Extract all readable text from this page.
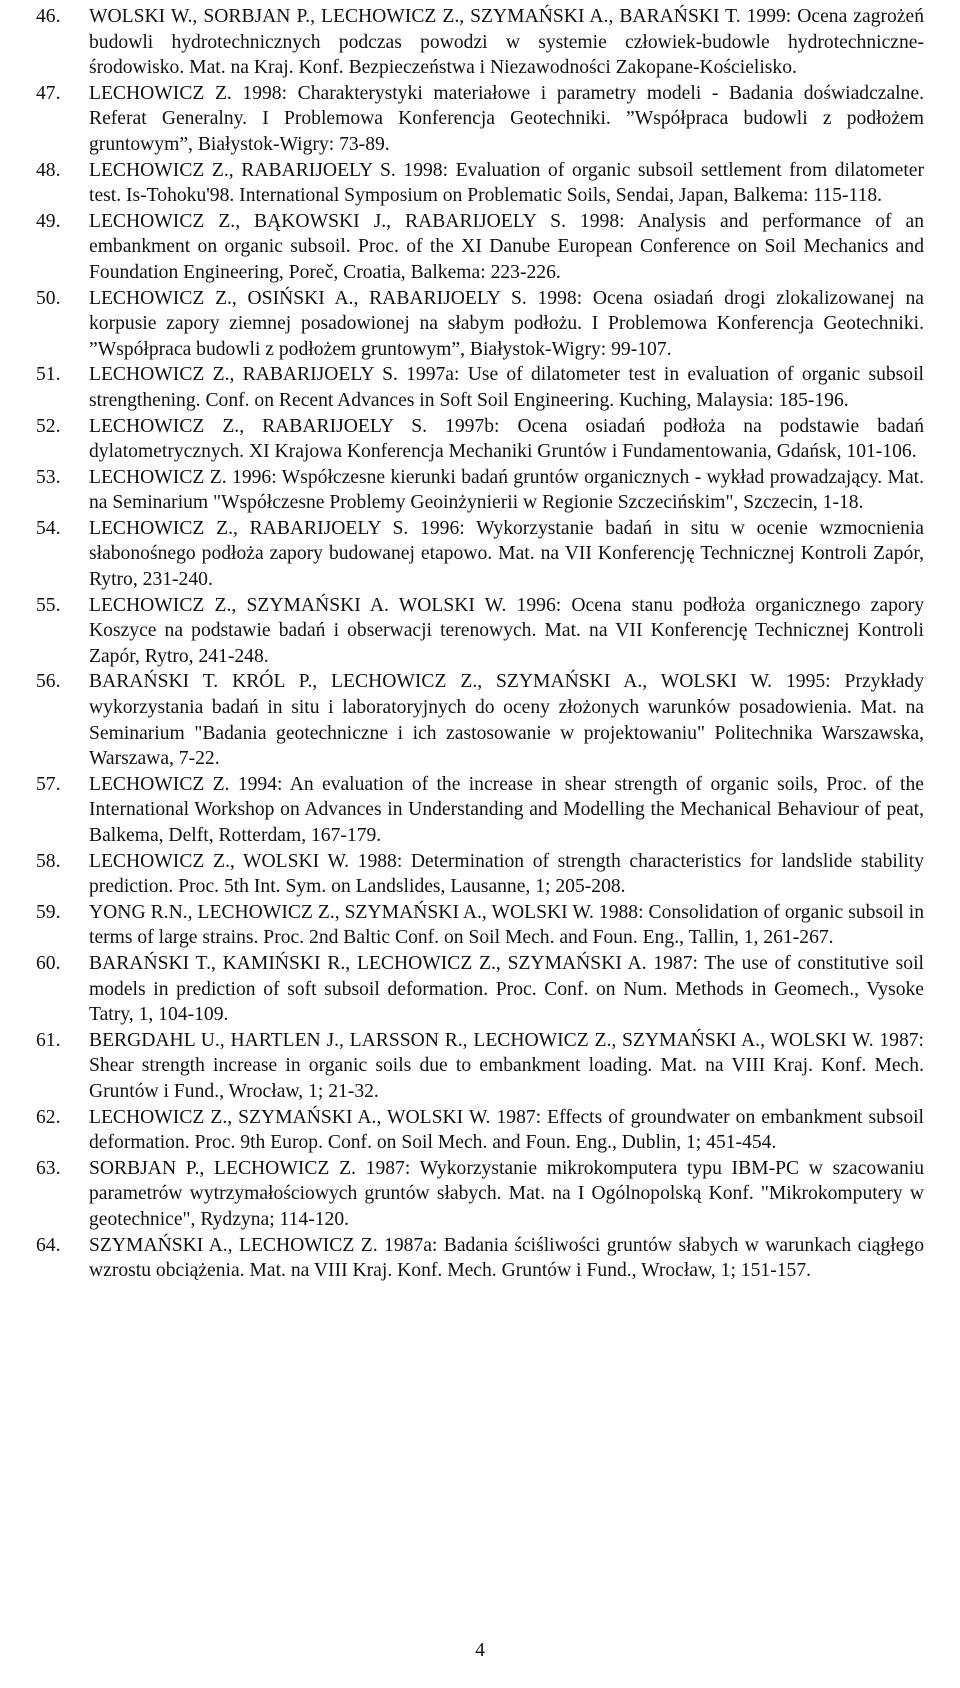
46. WOLSKI W., SORBJAN P., LECHOWICZ Z., SZYMAŃSKI A., BARAŃSKI T. 1999: Ocena zagrożeń budowli hydrotechnicznych podczas powodzi w systemie człowiek-budowle hydrotechniczne-środowisko. Mat. na Kraj. Konf. Bezpieczeństwa i Niezawodności Zakopane-Kościelisko.
47. LECHOWICZ Z. 1998: Charakterystyki materiałowe i parametry modeli - Badania doświadczalne. Referat Generalny. I Problemowa Konferencja Geotechniki. ”Współpraca budowli z podłożem gruntowym”, Białystok-Wigry: 73-89.
48. LECHOWICZ Z., RABARIJOELY S. 1998: Evaluation of organic subsoil settlement from dilatometer test. Is-Tohoku'98. International Symposium on Problematic Soils, Sendai, Japan, Balkema: 115-118.
49. LECHOWICZ Z., BĄKOWSKI J., RABARIJOELY S. 1998: Analysis and performance of an embankment on organic subsoil. Proc. of the XI Danube European Conference on Soil Mechanics and Foundation Engineering, Poreč, Croatia, Balkema: 223-226.
50. LECHOWICZ Z., OSIŃSKI A., RABARIJOELY S. 1998: Ocena osiadań drogi zlokalizowanej na korpusie zapory ziemnej posadowionej na słabym podłożu. I Problemowa Konferencja Geotechniki. ”Współpraca budowli z podłożem gruntowym”, Białystok-Wigry: 99-107.
51. LECHOWICZ Z., RABARIJOELY S. 1997a: Use of dilatometer test in evaluation of organic subsoil strengthening. Conf. on Recent Advances in Soft Soil Engineering. Kuching, Malaysia: 185-196.
52. LECHOWICZ Z., RABARIJOELY S. 1997b: Ocena osiadań podłoża na podstawie badań dylatometrycznych. XI Krajowa Konferencja Mechaniki Gruntów i Fundamentowania, Gdańsk, 101-106.
53. LECHOWICZ Z. 1996: Współczesne kierunki badań gruntów organicznych - wykład prowadzający. Mat. na Seminarium "Współczesne Problemy Geoinżynierii w Regionie Szczecińskim", Szczecin, 1-18.
54. LECHOWICZ Z., RABARIJOELY S. 1996: Wykorzystanie badań in situ w ocenie wzmocnienia słabonośnego podłoża zapory budowanej etapowo. Mat. na VII Konferencję Technicznej Kontroli Zapór, Rytro, 231-240.
55. LECHOWICZ Z., SZYMAŃSKI A. WOLSKI W. 1996: Ocena stanu podłoża organicznego zapory Koszyce na podstawie badań i obserwacji terenowych. Mat. na VII Konferencję Technicznej Kontroli Zapór, Rytro, 241-248.
56. BARAŃSKI T. KRÓL P., LECHOWICZ Z., SZYMAŃSKI A., WOLSKI W. 1995: Przykłady wykorzystania badań in situ i laboratoryjnych do oceny złożonych warunków posadowienia. Mat. na Seminarium "Badania geotechniczne i ich zastosowanie w projektowaniu" Politechnika Warszawska, Warszawa, 7-22.
57. LECHOWICZ Z. 1994: An evaluation of the increase in shear strength of organic soils, Proc. of the International Workshop on Advances in Understanding and Modelling the Mechanical Behaviour of peat, Balkema, Delft, Rotterdam, 167-179.
58. LECHOWICZ Z., WOLSKI W. 1988: Determination of strength characteristics for landslide stability prediction. Proc. 5th Int. Sym. on Landslides, Lausanne, 1; 205-208.
59. YONG R.N., LECHOWICZ Z., SZYMAŃSKI A., WOLSKI W. 1988: Consolidation of organic subsoil in terms of large strains. Proc. 2nd Baltic Conf. on Soil Mech. and Foun. Eng., Tallin, 1, 261-267.
60. BARAŃSKI T., KAMIŃSKI R., LECHOWICZ Z., SZYMAŃSKI A. 1987: The use of constitutive soil models in prediction of soft subsoil deformation. Proc. Conf. on Num. Methods in Geomech., Vysoke Tatry, 1, 104-109.
61. BERGDAHL U., HARTLEN J., LARSSON R., LECHOWICZ Z., SZYMAŃSKI A., WOLSKI W. 1987: Shear strength increase in organic soils due to embankment loading. Mat. na VIII Kraj. Konf. Mech. Gruntów i Fund., Wrocław, 1; 21-32.
62. LECHOWICZ Z., SZYMAŃSKI A., WOLSKI W. 1987: Effects of groundwater on embankment subsoil deformation. Proc. 9th Europ. Conf. on Soil Mech. and Foun. Eng., Dublin, 1; 451-454.
63. SORBJAN P., LECHOWICZ Z. 1987: Wykorzystanie mikrokomputera typu IBM-PC w szacowaniu parametrów wytrzymałościowych gruntów słabych. Mat. na I Ogólnopolską Konf. "Mikrokomputery w geotechnice", Rydzyna; 114-120.
64. SZYMAŃSKI A., LECHOWICZ Z. 1987a: Badania ściśliwości gruntów słabych w warunkach ciągłego wzrostu obciążenia. Mat. na VIII Kraj. Konf. Mech. Gruntów i Fund., Wrocław, 1; 151-157.
4
